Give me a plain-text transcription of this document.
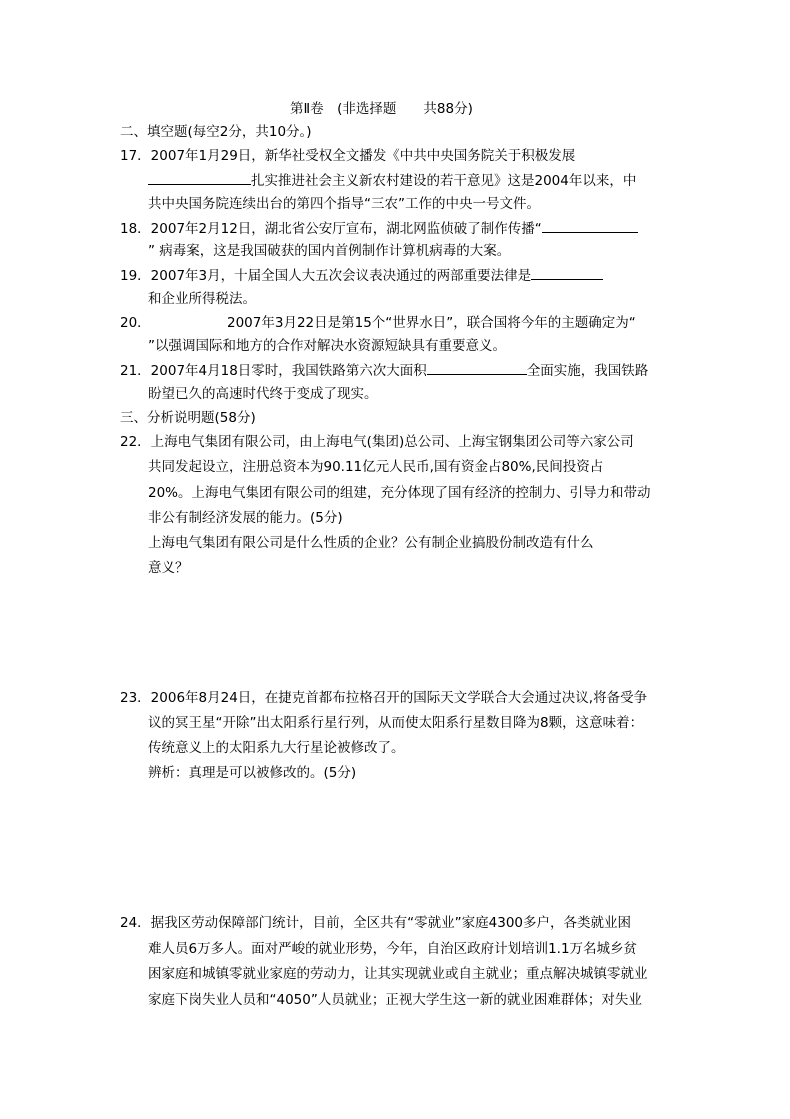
第Ⅱ卷　(非选择题　　共88分)
二、填空题(每空2分，共10分。)
17．2007年1月29日，新华社受权全文播发《中共中央国务院关于积极发展
扎实推进社会主义新农村建设的若干意见》这是2004年以来，中
共中央国务院连续出台的第四个指导“三农”工作的中央一号文件。
18．2007年2月12日，湖北省公安厅宣布，湖北网监侦破了制作传播“
” 病毒案，这是我国破获的国内首例制作计算机病毒的大案。
19．2007年3月，十届全国人大五次会议表决通过的两部重要法律是
和企业所得税法。
20．	2007年3月22日是第15个“世界水日”，联合国将今年的主题确定为“
”以强调国际和地方的合作对解决水资源短缺具有重要意义。
21．2007年4月18日零时，我国铁路第六次大面积	全面实施，我国铁路
盼望已久的高速时代终于变成了现实。
三、分析说明题(58分)
22．上海电气集团有限公司，由上海电气(集团)总公司、上海宝钢集团公司等六家公司
共同发起设立，注册总资本为90.11亿元人民币,国有资金占80%,民间投资占
20%。上海电气集团有限公司的组建，充分体现了国有经济的控制力、引导力和带动
非公有制经济发展的能力。(5分)
上海电气集团有限公司是什么性质的企业？公有制企业搞股份制改造有什么
意义？
23．2006年8月24日，在捷克首都布拉格召开的国际天文学联合大会通过决议,将备受争
议的冥王星“开除”出太阳系行星行列，从而使太阳系行星数目降为8颗，这意味着：
传统意义上的太阳系九大行星论被修改了。
辨析：真理是可以被修改的。(5分)
24．据我区劳动保障部门统计，目前，全区共有“零就业”家庭4300多户，各类就业困
难人员6万多人。面对严峻的就业形势，今年，自治区政府计划培训1.1万名城乡贫
困家庭和城镇零就业家庭的劳动力，让其实现就业或自主就业；重点解决城镇零就业
家庭下岗失业人员和“4050”人员就业；正视大学生这一新的就业困难群体；对失业
